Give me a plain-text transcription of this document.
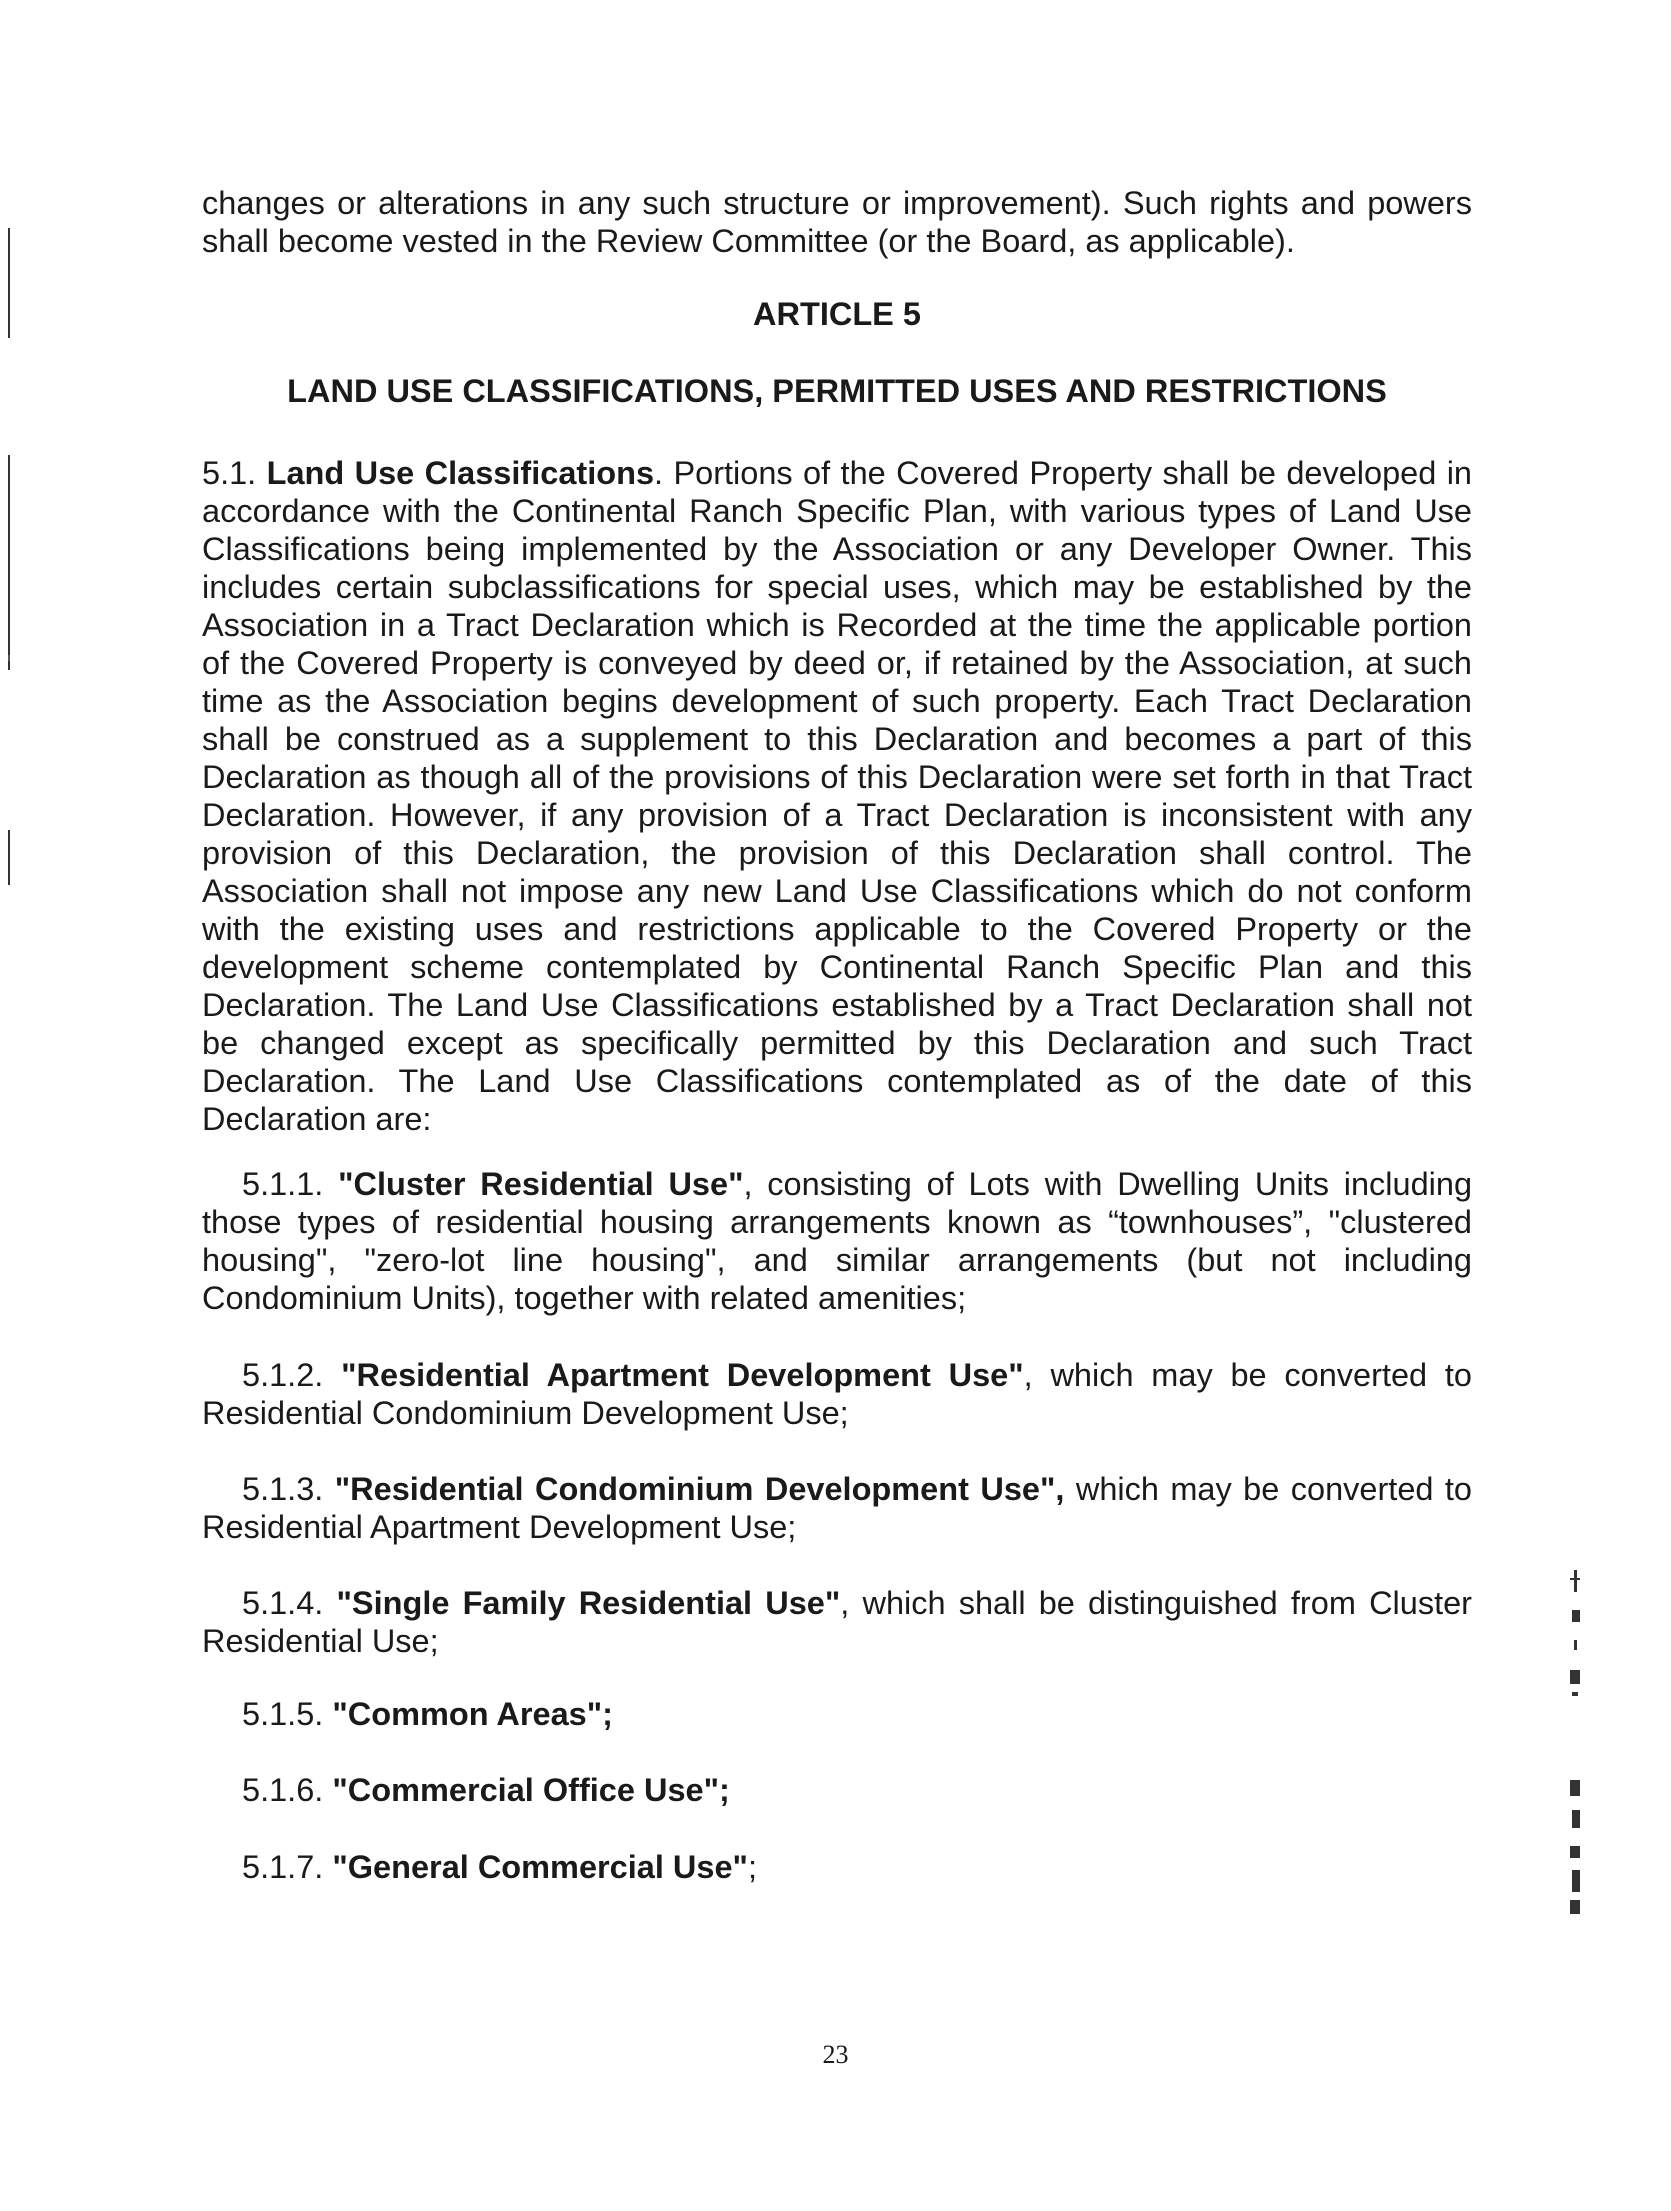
changes or alterations in any such structure or improvement). Such rights and powers shall become vested in the Review Committee (or the Board, as applicable).

ARTICLE 5

LAND USE CLASSIFICATIONS, PERMITTED USES AND RESTRICTIONS

5.1. Land Use Classifications. Portions of the Covered Property shall be developed in accordance with the Continental Ranch Specific Plan, with various types of Land Use Classifications being implemented by the Association or any Developer Owner. This includes certain subclassifications for special uses, which may be established by the Association in a Tract Declaration which is Recorded at the time the applicable portion of the Covered Property is conveyed by deed or, if retained by the Association, at such time as the Association begins development of such property. Each Tract Declaration shall be construed as a supplement to this Declaration and becomes a part of this Declaration as though all of the provisions of this Declaration were set forth in that Tract Declaration. However, if any provision of a Tract Declaration is inconsistent with any provision of this Declaration, the provision of this Declaration shall control. The Association shall not impose any new Land Use Classifications which do not conform with the existing uses and restrictions applicable to the Covered Property or the development scheme contemplated by Continental Ranch Specific Plan and this Declaration. The Land Use Classifications established by a Tract Declaration shall not be changed except as specifically permitted by this Declaration and such Tract Declaration. The Land Use Classifications contemplated as of the date of this Declaration are:

5.1.1. "Cluster Residential Use", consisting of Lots with Dwelling Units including those types of residential housing arrangements known as “townhouses”, "clustered housing", "zero-lot line housing", and similar arrangements (but not including Condominium Units), together with related amenities;

5.1.2. "Residential Apartment Development Use", which may be converted to Residential Condominium Development Use;

5.1.3. "Residential Condominium Development Use", which may be converted to Residential Apartment Development Use;

5.1.4. "Single Family Residential Use", which shall be distinguished from Cluster Residential Use;

5.1.5. "Common Areas";

5.1.6. "Commercial Office Use";

5.1.7. "General Commercial Use";

23
